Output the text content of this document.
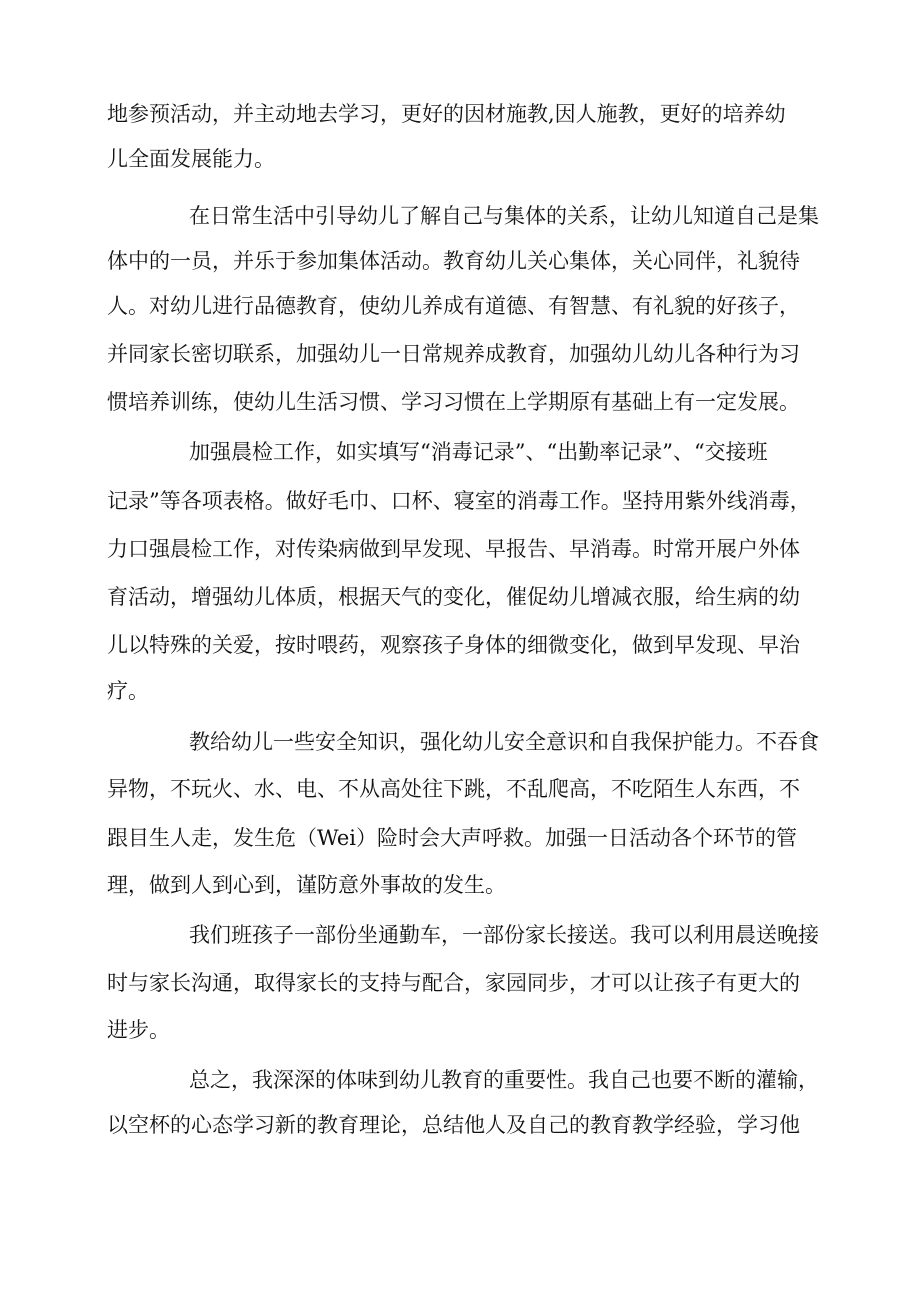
地参预活动，并主动地去学习，更好的因材施教,因人施教，更好的培养幼
儿全面发展能力。
在日常生活中引导幼儿了解自己与集体的关系，让幼儿知道自己是集
体中的一员，并乐于参加集体活动。教育幼儿关心集体，关心同伴，礼貌待
人。对幼儿进行品德教育，使幼儿养成有道德、有智慧、有礼貌的好孩子，
并同家长密切联系，加强幼儿一日常规养成教育，加强幼儿幼儿各种行为习
惯培养训练，使幼儿生活习惯、学习习惯在上学期原有基础上有一定发展。
加强晨检工作，如实填写“消毒记录”、“出勤率记录”、“交接班
记录”等各项表格。做好毛巾、口杯、寝室的消毒工作。坚持用紫外线消毒，
力口强晨检工作，对传染病做到早发现、早报告、早消毒。时常开展户外体
育活动，增强幼儿体质，根据天气的变化，催促幼儿增减衣服，给生病的幼
儿以特殊的关爱，按时喂药，观察孩子身体的细微变化，做到早发现、早治
疗。
教给幼儿一些安全知识，强化幼儿安全意识和自我保护能力。不吞食
异物，不玩火、水、电、不从高处往下跳，不乱爬高，不吃陌生人东西，不
跟目生人走，发生危（Wei）险时会大声呼救。加强一日活动各个环节的管
理，做到人到心到，谨防意外事故的发生。
我们班孩子一部份坐通勤车，一部份家长接送。我可以利用晨送晚接
时与家长沟通，取得家长的支持与配合，家园同步，才可以让孩子有更大的
进步。
总之，我深深的体味到幼儿教育的重要性。我自己也要不断的灌输，
以空杯的心态学习新的教育理论，总结他人及自己的教育教学经验，学习他
